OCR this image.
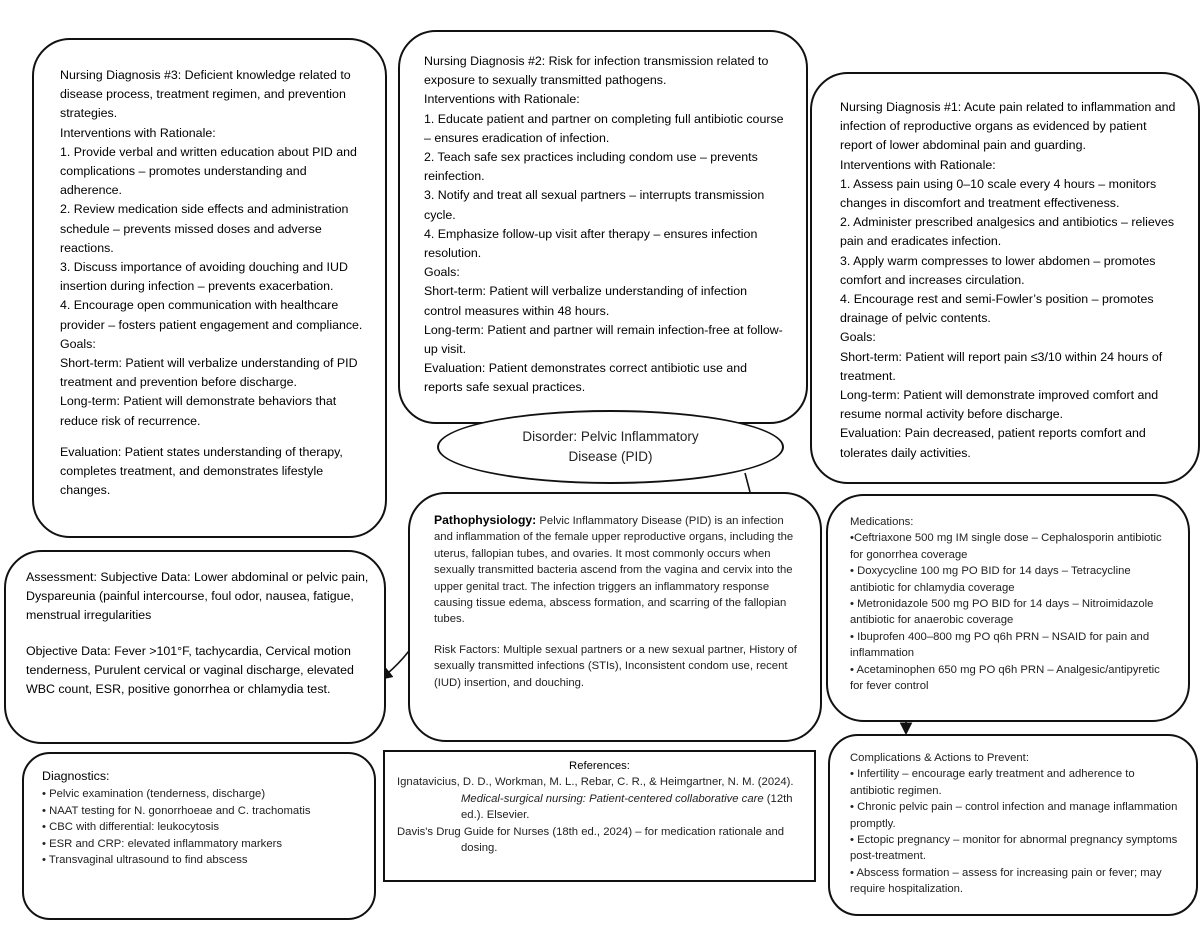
Nursing Diagnosis #3: Deficient knowledge related to disease process, treatment regimen, and prevention strategies.

Interventions with Rationale:

1. Provide verbal and written education about PID and complications – promotes understanding and adherence.

2. Review medication side effects and administration schedule – prevents missed doses and adverse reactions.

3. Discuss importance of avoiding douching and IUD insertion during infection – prevents exacerbation.

4. Encourage open communication with healthcare provider – fosters patient engagement and compliance.

Goals:

Short-term: Patient will verbalize understanding of PID treatment and prevention before discharge.

Long-term: Patient will demonstrate behaviors that reduce risk of recurrence.

Evaluation: Patient states understanding of therapy, completes treatment, and demonstrates lifestyle changes.

Nursing Diagnosis #2: Risk for infection transmission related to exposure to sexually transmitted pathogens.

Interventions with Rationale:

1. Educate patient and partner on completing full antibiotic course – ensures eradication of infection.

2. Teach safe sex practices including condom use – prevents reinfection.

3. Notify and treat all sexual partners – interrupts transmission cycle.

4. Emphasize follow-up visit after therapy – ensures infection resolution.

Goals:

Short-term: Patient will verbalize understanding of infection control measures within 48 hours.

Long-term: Patient and partner will remain infection-free at follow-up visit.

Evaluation: Patient demonstrates correct antibiotic use and reports safe sexual practices.

Nursing Diagnosis #1: Acute pain related to inflammation and infection of reproductive organs as evidenced by patient report of lower abdominal pain and guarding.

Interventions with Rationale:

1. Assess pain using 0–10 scale every 4 hours – monitors changes in discomfort and treatment effectiveness.

2. Administer prescribed analgesics and antibiotics – relieves pain and eradicates infection.

3. Apply warm compresses to lower abdomen – promotes comfort and increases circulation.

4. Encourage rest and semi-Fowler’s position – promotes drainage of pelvic contents.

Goals:

Short-term: Patient will report pain ≤3/10 within 24 hours of treatment.

Long-term: Patient will demonstrate improved comfort and resume normal activity before discharge.

Evaluation: Pain decreased, patient reports comfort and tolerates daily activities.

Disorder: Pelvic Inflammatory
Disease (PID)

Pathophysiology: Pelvic Inflammatory Disease (PID) is an infection and inflammation of the female upper reproductive organs, including the uterus, fallopian tubes, and ovaries. It most commonly occurs when sexually transmitted bacteria ascend from the vagina and cervix into the upper genital tract. The infection triggers an inflammatory response causing tissue edema, abscess formation, and scarring of the fallopian tubes.

Risk Factors: Multiple sexual partners or a new sexual partner, History of sexually transmitted infections (STIs), Inconsistent condom use, recent (IUD) insertion, and douching.

Medications:

•Ceftriaxone 500 mg IM single dose – Cephalosporin antibiotic for gonorrhea coverage

• Doxycycline 100 mg PO BID for 14 days – Tetracycline antibiotic for chlamydia coverage

• Metronidazole 500 mg PO BID for 14 days – Nitroimidazole antibiotic for anaerobic coverage

• Ibuprofen 400–800 mg PO q6h PRN – NSAID for pain and inflammation

• Acetaminophen 650 mg PO q6h PRN – Analgesic/antipyretic for fever control

Assessment: Subjective Data: Lower abdominal or pelvic pain, Dyspareunia (painful intercourse, foul odor, nausea, fatigue, menstrual irregularities

Objective Data: Fever >101°F, tachycardia, Cervical motion tenderness, Purulent cervical or vaginal discharge, elevated WBC count, ESR, positive gonorrhea or chlamydia test.

Diagnostics:

• Pelvic examination (tenderness, discharge)

• NAAT testing for N. gonorrhoeae and C. trachomatis

• CBC with differential: leukocytosis

• ESR and CRP: elevated inflammatory markers

• Transvaginal ultrasound to find abscess

References:

Ignatavicius, D. D., Workman, M. L., Rebar, C. R., & Heimgartner, N. M. (2024). Medical-surgical nursing: Patient-centered collaborative care (12th ed.). Elsevier.

Davis's Drug Guide for Nurses (18th ed., 2024) – for medication rationale and dosing.

Complications & Actions to Prevent:

• Infertility – encourage early treatment and adherence to antibiotic regimen.

• Chronic pelvic pain – control infection and manage inflammation promptly.

• Ectopic pregnancy – monitor for abnormal pregnancy symptoms post-treatment.

• Abscess formation – assess for increasing pain or fever; may require hospitalization.
